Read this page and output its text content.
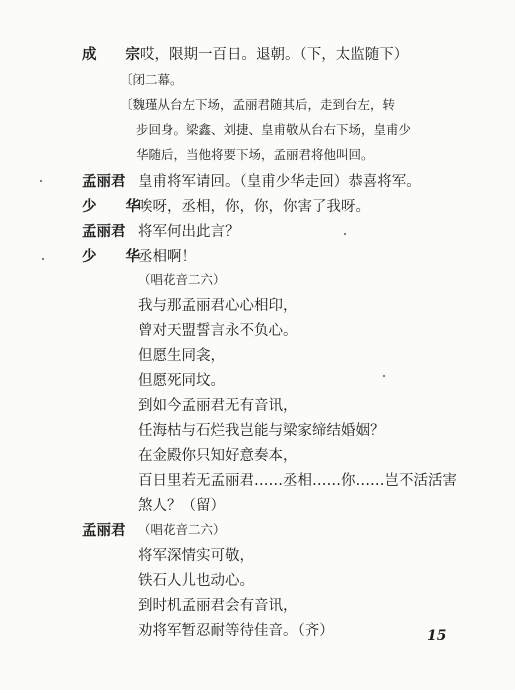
成 宗
哎，限期一百日。退朝。（下，太监随下）
〔闭二幕。
〔魏瑾从台左下场，孟丽君随其后，走到台左，转
步回身。梁鑫、刘捷、皇甫敬从台右下场，皇甫少
华随后，当他将要下场，孟丽君将他叫回。
孟丽君 皇甫将军请回。（皇甫少华走回）恭喜将军。
少 华
唉呀，丞相，你，你，你害了我呀。
孟丽君 将军何出此言？
少 华
丞相啊！
（唱花音二六）
我与那孟丽君心心相印，
曾对天盟誓言永不负心。
但愿生同衾，
但愿死同坟。
到如今孟丽君无有音讯，
任海枯与石烂我岂能与梁家缔结婚姻？
在金殿你只知好意奏本，
百日里若无孟丽君……丞相……你……岂不活活害
煞人？（留）
孟丽君 （唱花音二六）
将军深情实可敬，
铁石人儿也动心。
到时机孟丽君会有音讯，
劝将军暂忍耐等待佳音。（齐）	15
